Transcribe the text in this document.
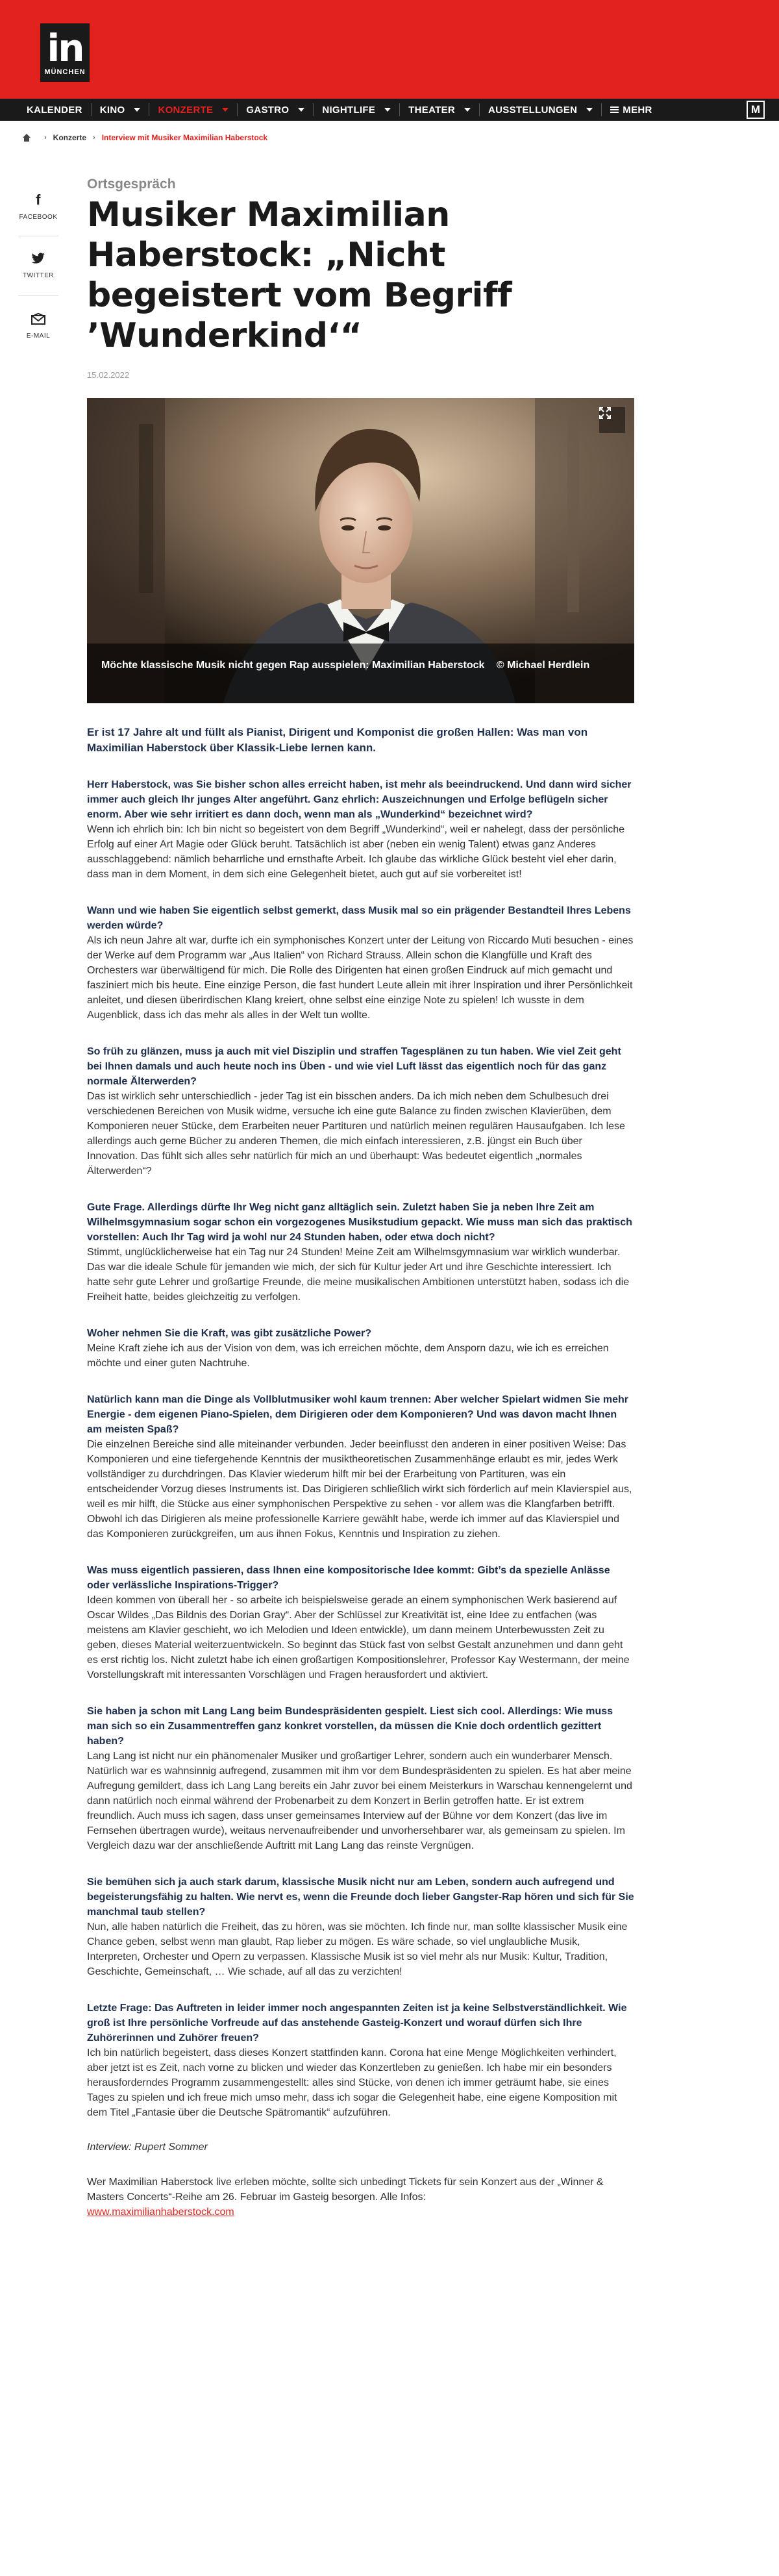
in
MÜNCHEN
KALENDER KINO	KONZERTE	GASTRO	NIGHTLIFE	THEATER	AUSSTELLUNGEN	MEHR	M
› Konzerte › Interview mit Musiker Maximilian Haberstock
f
FACEBOOK
TWITTER
E-MAIL
Ortsgespräch
Musiker Maximilian Haberstock: „Nicht begeistert vom Begriff ’Wunderkind‘“
15.02.2022
Möchte klassische Musik nicht gegen Rap ausspielen: Maximilian Haberstock © Michael Herdlein

Er ist 17 Jahre alt und füllt als Pianist, Dirigent und Komponist die großen Hallen: Was man von Maximilian Haberstock über Klassik-Liebe lernen kann.

Herr Haberstock, was Sie bisher schon alles erreicht haben, ist mehr als beeindruckend. Und dann wird sicher immer auch gleich Ihr junges Alter angeführt. Ganz ehrlich: Auszeichnungen und Erfolge beflügeln sicher enorm. Aber wie sehr irritiert es dann doch, wenn man als „Wunderkind“ bezeichnet wird?
Wenn ich ehrlich bin: Ich bin nicht so begeistert von dem Begriff „Wunderkind“, weil er nahelegt, dass der persönliche Erfolg auf einer Art Magie oder Glück beruht. Tatsächlich ist aber (neben ein wenig Talent) etwas ganz Anderes ausschlaggebend: nämlich beharrliche und ernsthafte Arbeit. Ich glaube das wirkliche Glück besteht viel eher darin, dass man in dem Moment, in dem sich eine Gelegenheit bietet, auch gut auf sie vorbereitet ist!
Wann und wie haben Sie eigentlich selbst gemerkt, dass Musik mal so ein prägender Bestandteil Ihres Lebens werden würde?
Als ich neun Jahre alt war, durfte ich ein symphonisches Konzert unter der Leitung von Riccardo Muti besuchen - eines der Werke auf dem Programm war „Aus Italien“ von Richard Strauss. Allein schon die Klangfülle und Kraft des Orchesters war überwältigend für mich. Die Rolle des Dirigenten hat einen großen Eindruck auf mich gemacht und fasziniert mich bis heute. Eine einzige Person, die fast hundert Leute allein mit ihrer Inspiration und ihrer Persönlichkeit anleitet, und diesen überirdischen Klang kreiert, ohne selbst eine einzige Note zu spielen! Ich wusste in dem Augenblick, dass ich das mehr als alles in der Welt tun wollte.
So früh zu glänzen, muss ja auch mit viel Disziplin und straffen Tagesplänen zu tun haben. Wie viel Zeit geht bei Ihnen damals und auch heute noch ins Üben - und wie viel Luft lässt das eigentlich noch für das ganz normale Älterwerden?
Das ist wirklich sehr unterschiedlich - jeder Tag ist ein bisschen anders. Da ich mich neben dem Schulbesuch drei verschiedenen Bereichen von Musik widme, versuche ich eine gute Balance zu finden zwischen Klavierüben, dem Komponieren neuer Stücke, dem Erarbeiten neuer Partituren und natürlich meinen regulären Hausaufgaben. Ich lese allerdings auch gerne Bücher zu anderen Themen, die mich einfach interessieren, z.B. jüngst ein Buch über Innovation. Das fühlt sich alles sehr natürlich für mich an und überhaupt: Was bedeutet eigentlich „normales Älterwerden“?
Gute Frage. Allerdings dürfte Ihr Weg nicht ganz alltäglich sein. Zuletzt haben Sie ja neben Ihre Zeit am Wilhelmsgymnasium sogar schon ein vorgezogenes Musikstudium gepackt. Wie muss man sich das praktisch vorstellen: Auch Ihr Tag wird ja wohl nur 24 Stunden haben, oder etwa doch nicht?
Stimmt, unglücklicherweise hat ein Tag nur 24 Stunden! Meine Zeit am Wilhelmsgymnasium war wirklich wunderbar. Das war die ideale Schule für jemanden wie mich, der sich für Kultur jeder Art und ihre Geschichte interessiert. Ich hatte sehr gute Lehrer und großartige Freunde, die meine musikalischen Ambitionen unterstützt haben, sodass ich die Freiheit hatte, beides gleichzeitig zu verfolgen.
Woher nehmen Sie die Kraft, was gibt zusätzliche Power?
Meine Kraft ziehe ich aus der Vision von dem, was ich erreichen möchte, dem Ansporn dazu, wie ich es erreichen möchte und einer guten Nachtruhe.
Natürlich kann man die Dinge als Vollblutmusiker wohl kaum trennen: Aber welcher Spielart widmen Sie mehr Energie - dem eigenen Piano-Spielen, dem Dirigieren oder dem Komponieren? Und was davon macht Ihnen am meisten Spaß?
Die einzelnen Bereiche sind alle miteinander verbunden. Jeder beeinflusst den anderen in einer positiven Weise: Das Komponieren und eine tiefergehende Kenntnis der musiktheoretischen Zusammenhänge erlaubt es mir, jedes Werk vollständiger zu durchdringen. Das Klavier wiederum hilft mir bei der Erarbeitung von Partituren, was ein entscheidender Vorzug dieses Instruments ist. Das Dirigieren schließlich wirkt sich förderlich auf mein Klavierspiel aus, weil es mir hilft, die Stücke aus einer symphonischen Perspektive zu sehen - vor allem was die Klangfarben betrifft. Obwohl ich das Dirigieren als meine professionelle Karriere gewählt habe, werde ich immer auf das Klavierspiel und das Komponieren zurückgreifen, um aus ihnen Fokus, Kenntnis und Inspiration zu ziehen.
Was muss eigentlich passieren, dass Ihnen eine kompositorische Idee kommt: Gibt’s da spezielle Anlässe oder verlässliche Inspirations-Trigger?
Ideen kommen von überall her - so arbeite ich beispielsweise gerade an einem symphonischen Werk basierend auf Oscar Wildes „Das Bildnis des Dorian Gray“. Aber der Schlüssel zur Kreativität ist, eine Idee zu entfachen (was meistens am Klavier geschieht, wo ich Melodien und Ideen entwickle), um dann meinem Unterbewussten Zeit zu geben, dieses Material weiterzuentwickeln. So beginnt das Stück fast von selbst Gestalt anzunehmen und dann geht es erst richtig los. Nicht zuletzt habe ich einen großartigen Kompositionslehrer, Professor Kay Westermann, der meine Vorstellungskraft mit interessanten Vorschlägen und Fragen herausfordert und aktiviert.
Sie haben ja schon mit Lang Lang beim Bundespräsidenten gespielt. Liest sich cool. Allerdings: Wie muss man sich so ein Zusammentreffen ganz konkret vorstellen, da müssen die Knie doch ordentlich gezittert haben?
Lang Lang ist nicht nur ein phänomenaler Musiker und großartiger Lehrer, sondern auch ein wunderbarer Mensch. Natürlich war es wahnsinnig aufregend, zusammen mit ihm vor dem Bundespräsidenten zu spielen. Es hat aber meine Aufregung gemildert, dass ich Lang Lang bereits ein Jahr zuvor bei einem Meisterkurs in Warschau kennengelernt und dann natürlich noch einmal während der Probenarbeit zu dem Konzert in Berlin getroffen hatte. Er ist extrem freundlich. Auch muss ich sagen, dass unser gemeinsames Interview auf der Bühne vor dem Konzert (das live im Fernsehen übertragen wurde), weitaus nervenaufreibender und unvorhersehbarer war, als gemeinsam zu spielen. Im Vergleich dazu war der anschließende Auftritt mit Lang Lang das reinste Vergnügen.
Sie bemühen sich ja auch stark darum, klassische Musik nicht nur am Leben, sondern auch aufregend und begeisterungsfähig zu halten. Wie nervt es, wenn die Freunde doch lieber Gangster-Rap hören und sich für Sie manchmal taub stellen?
Nun, alle haben natürlich die Freiheit, das zu hören, was sie möchten. Ich finde nur, man sollte klassischer Musik eine Chance geben, selbst wenn man glaubt, Rap lieber zu mögen. Es wäre schade, so viel unglaubliche Musik, Interpreten, Orchester und Opern zu verpassen. Klassische Musik ist so viel mehr als nur Musik: Kultur, Tradition, Geschichte, Gemeinschaft, … Wie schade, auf all das zu verzichten!
Letzte Frage: Das Auftreten in leider immer noch angespannten Zeiten ist ja keine Selbstverständlichkeit. Wie groß ist Ihre persönliche Vorfreude auf das anstehende Gasteig-Konzert und worauf dürfen sich Ihre Zuhörerinnen und Zuhörer freuen?
Ich bin natürlich begeistert, dass dieses Konzert stattfinden kann. Corona hat eine Menge Möglichkeiten verhindert, aber jetzt ist es Zeit, nach vorne zu blicken und wieder das Konzertleben zu genießen. Ich habe mir ein besonders herausforderndes Programm zusammengestellt: alles sind Stücke, von denen ich immer geträumt habe, sie eines Tages zu spielen und ich freue mich umso mehr, dass ich sogar die Gelegenheit habe, eine eigene Komposition mit dem Titel „Fantasie über die Deutsche Spätromantik“ aufzuführen.

Interview: Rupert Sommer

Wer Maximilian Haberstock live erleben möchte, sollte sich unbedingt Tickets für sein Konzert aus der „Winner & Masters Concerts“-Reihe am 26. Februar im Gasteig besorgen. Alle Infos:
www.maximilianhaberstock.com
